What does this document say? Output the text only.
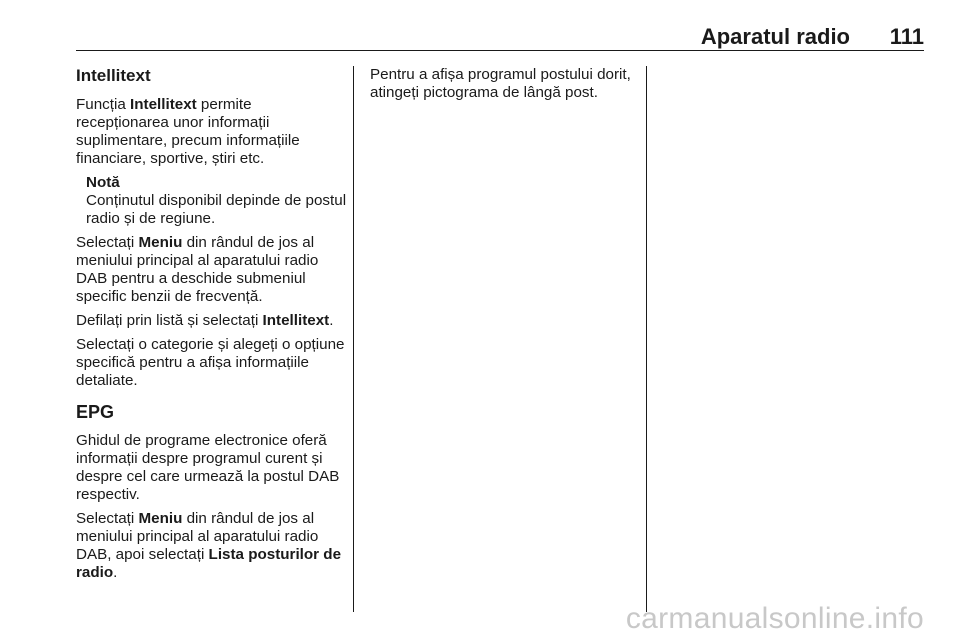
Aparatul radio 111
Intellitext

Funcția Intellitext permite recepționarea unor informații suplimentare, precum informațiile financiare, sportive, știri etc.

Notă
Conținutul disponibil depinde de postul radio și de regiune.

Selectați Meniu din rândul de jos al meniului principal al aparatului radio DAB pentru a deschide submeniul specific benzii de frecvență.

Defilați prin listă și selectați Intellitext.

Selectați o categorie și alegeți o opțiune specifică pentru a afișa informațiile detaliate.

EPG

Ghidul de programe electronice oferă informații despre programul curent și despre cel care urmează la postul DAB respectiv.

Selectați Meniu din rândul de jos al meniului principal al aparatului radio DAB, apoi selectați Lista posturilor de radio.

Pentru a afișa programul postului dorit, atingeți pictograma de lângă post.

carmanualsonline.info
